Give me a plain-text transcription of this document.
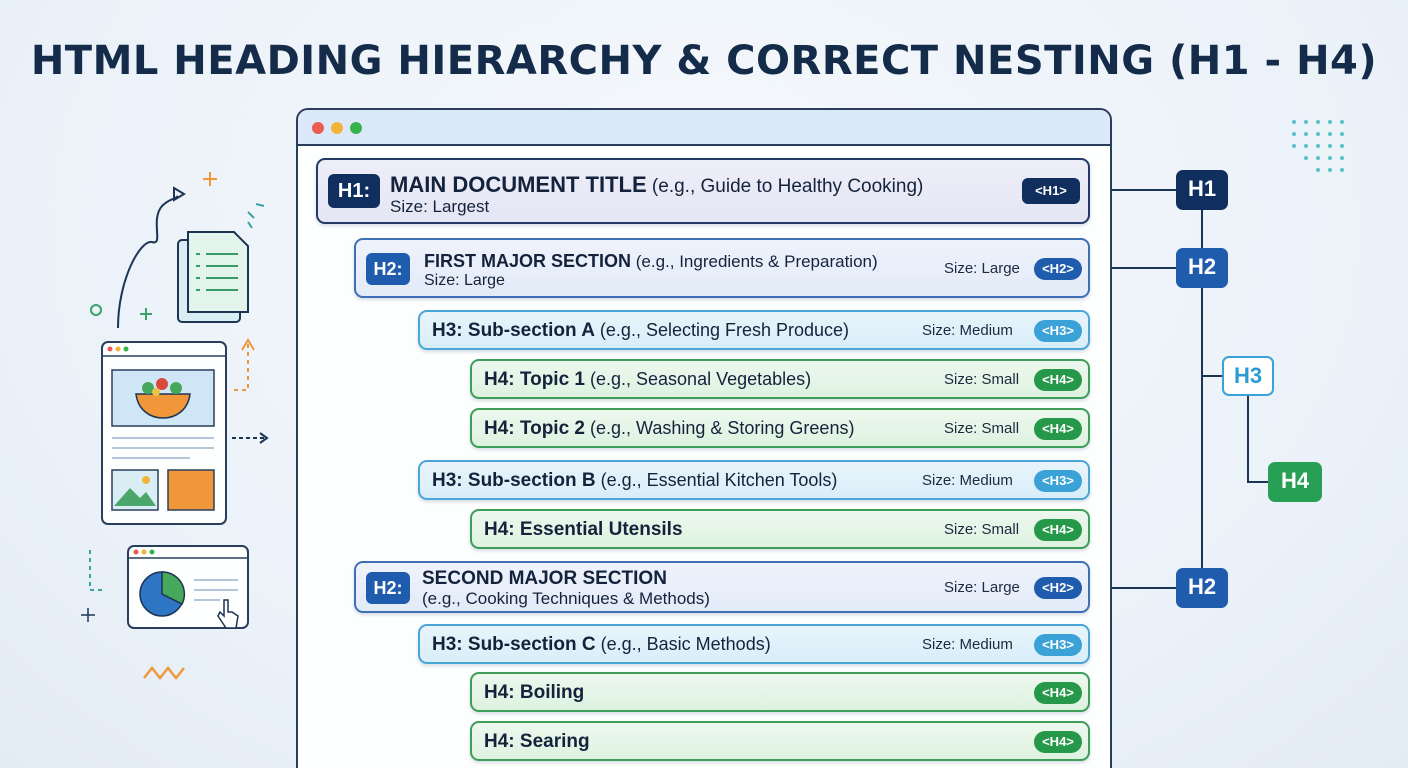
HTML HEADING HIERARCHY & CORRECT NESTING (H1 - H4)
H1: MAIN DOCUMENT TITLE (e.g., Guide to Healthy Cooking)
Size: Largest
<H1>
H2:	FIRST MAJOR SECTION (e.g., Ingredients & Preparation)
Size: Large
Size: Large	<H2>
H3: Sub-section A (e.g., Selecting Fresh Produce)	Size: Medium	<H3>
H4: Topic 1 (e.g., Seasonal Vegetables)	Size: Small	<H4>
H4: Topic 2 (e.g., Washing & Storing Greens)	Size: Small	<H4>
H3: Sub-section B (e.g., Essential Kitchen Tools)	Size: Medium	<H3>
H4: Essential Utensils	Size: Small	<H4>
H2:	SECOND MAJOR SECTION
(e.g., Cooking Techniques & Methods)
Size: Large	<H2>
H3: Sub-section C (e.g., Basic Methods)	Size: Medium	<H3>
H4: Boiling	<H4>
H4: Searing	<H4>
H1
H2
H3
H4
H2
